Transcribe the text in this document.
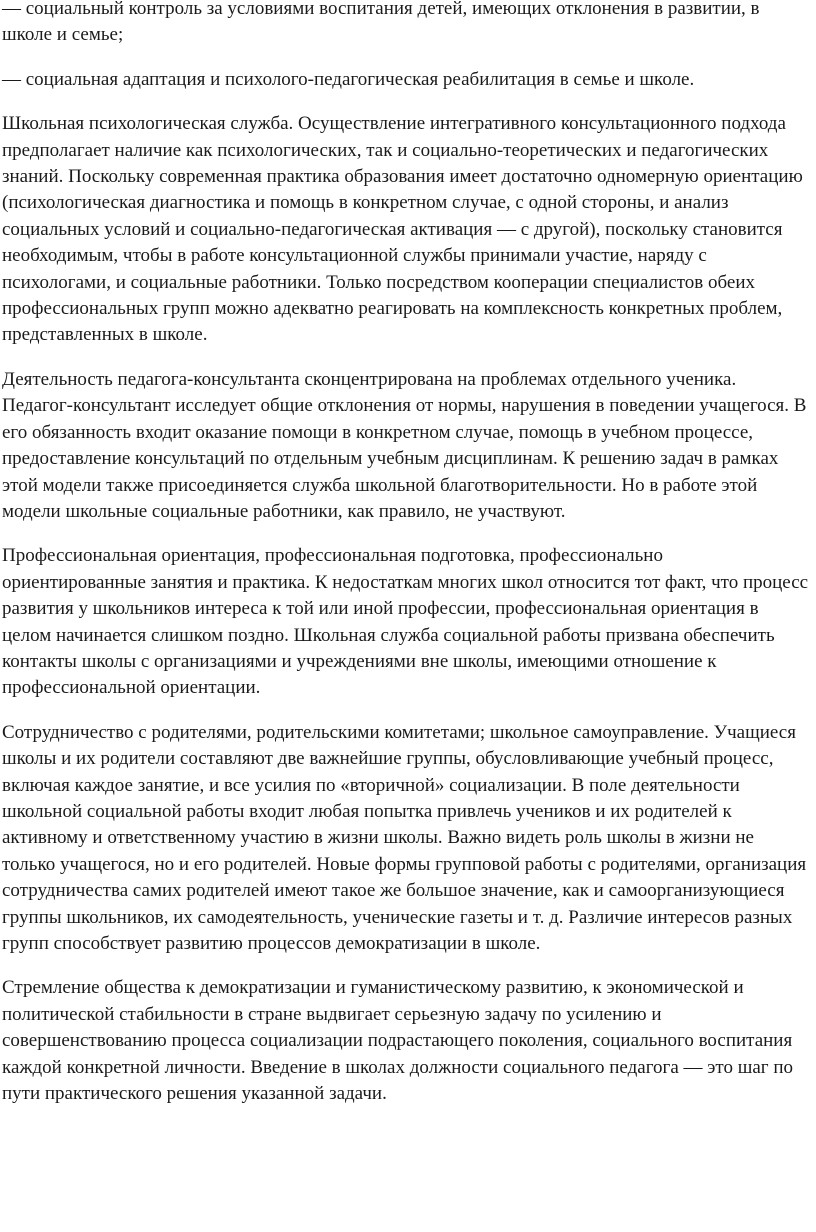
— социальный контроль за условиями воспитания детей, имеющих отклонения в развитии, в школе и семье;

— социальная адаптация и психолого-педагогическая реабилитация в семье и школе.

Школьная психологическая служба. Осуществление интегративного консультационного подхода предполагает наличие как психологических, так и социально-теоретических и педагогических знаний. Поскольку современная практика образования имеет достаточно одномерную ориентацию (психологическая диагностика и помощь в конкретном случае, с одной стороны, и анализ социальных условий и социально-педагогическая активация — с другой), поскольку становится необходимым, чтобы в работе консультационной службы принимали участие, наряду с психологами, и социальные работники. Только посредством кооперации специалистов обеих профессиональных групп можно адекватно реагировать на комплексность конкретных проблем, представленных в школе.

Деятельность педагога-консультанта сконцентрирована на проблемах отдельного ученика. Педагог-консультант исследует общие отклонения от нормы, нарушения в поведении учащегося. В его обязанность входит оказание помощи в конкретном случае, помощь в учебном процессе, предоставление консультаций по отдельным учебным дисциплинам. К решению задач в рамках этой модели также присоединяется служба школьной благотворительности. Но в работе этой модели школьные социальные работники, как правило, не участвуют.

Профессиональная ориентация, профессиональная подготовка, профессионально ориентированные занятия и практика. К недостаткам многих школ относится тот факт, что процесс развития у школьников интереса к той или иной профессии, профессиональная ориентация в целом начинается слишком поздно. Школьная служба социальной работы призвана обеспечить контакты школы с организациями и учреждениями вне школы, имеющими отношение к профессиональной ориентации.

Сотрудничество с родителями, родительскими комитетами; школьное самоуправление. Учащиеся школы и их родители составляют две важнейшие группы, обусловливающие учебный процесс, включая каждое занятие, и все усилия по «вторичной» социализации. В поле деятельности школьной социальной работы входит любая попытка привлечь учеников и их родителей к активному и ответственному участию в жизни школы. Важно видеть роль школы в жизни не только учащегося, но и его родителей. Новые формы групповой работы с родителями, организация сотрудничества самих родителей имеют такое же большое значение, как и самоорганизующиеся группы школьников, их самодеятельность, ученические газеты и т. д. Различие интересов разных групп способствует развитию процессов демократизации в школе.

Стремление общества к демократизации и гуманистическому развитию, к экономической и политической стабильности в стране выдвигает серьезную задачу по усилению и совершенствованию процесса социализации подрастающего поколения, социального воспитания каждой конкретной личности. Введение в школах должности социального педагога — это шаг по пути практического решения указанной задачи.
